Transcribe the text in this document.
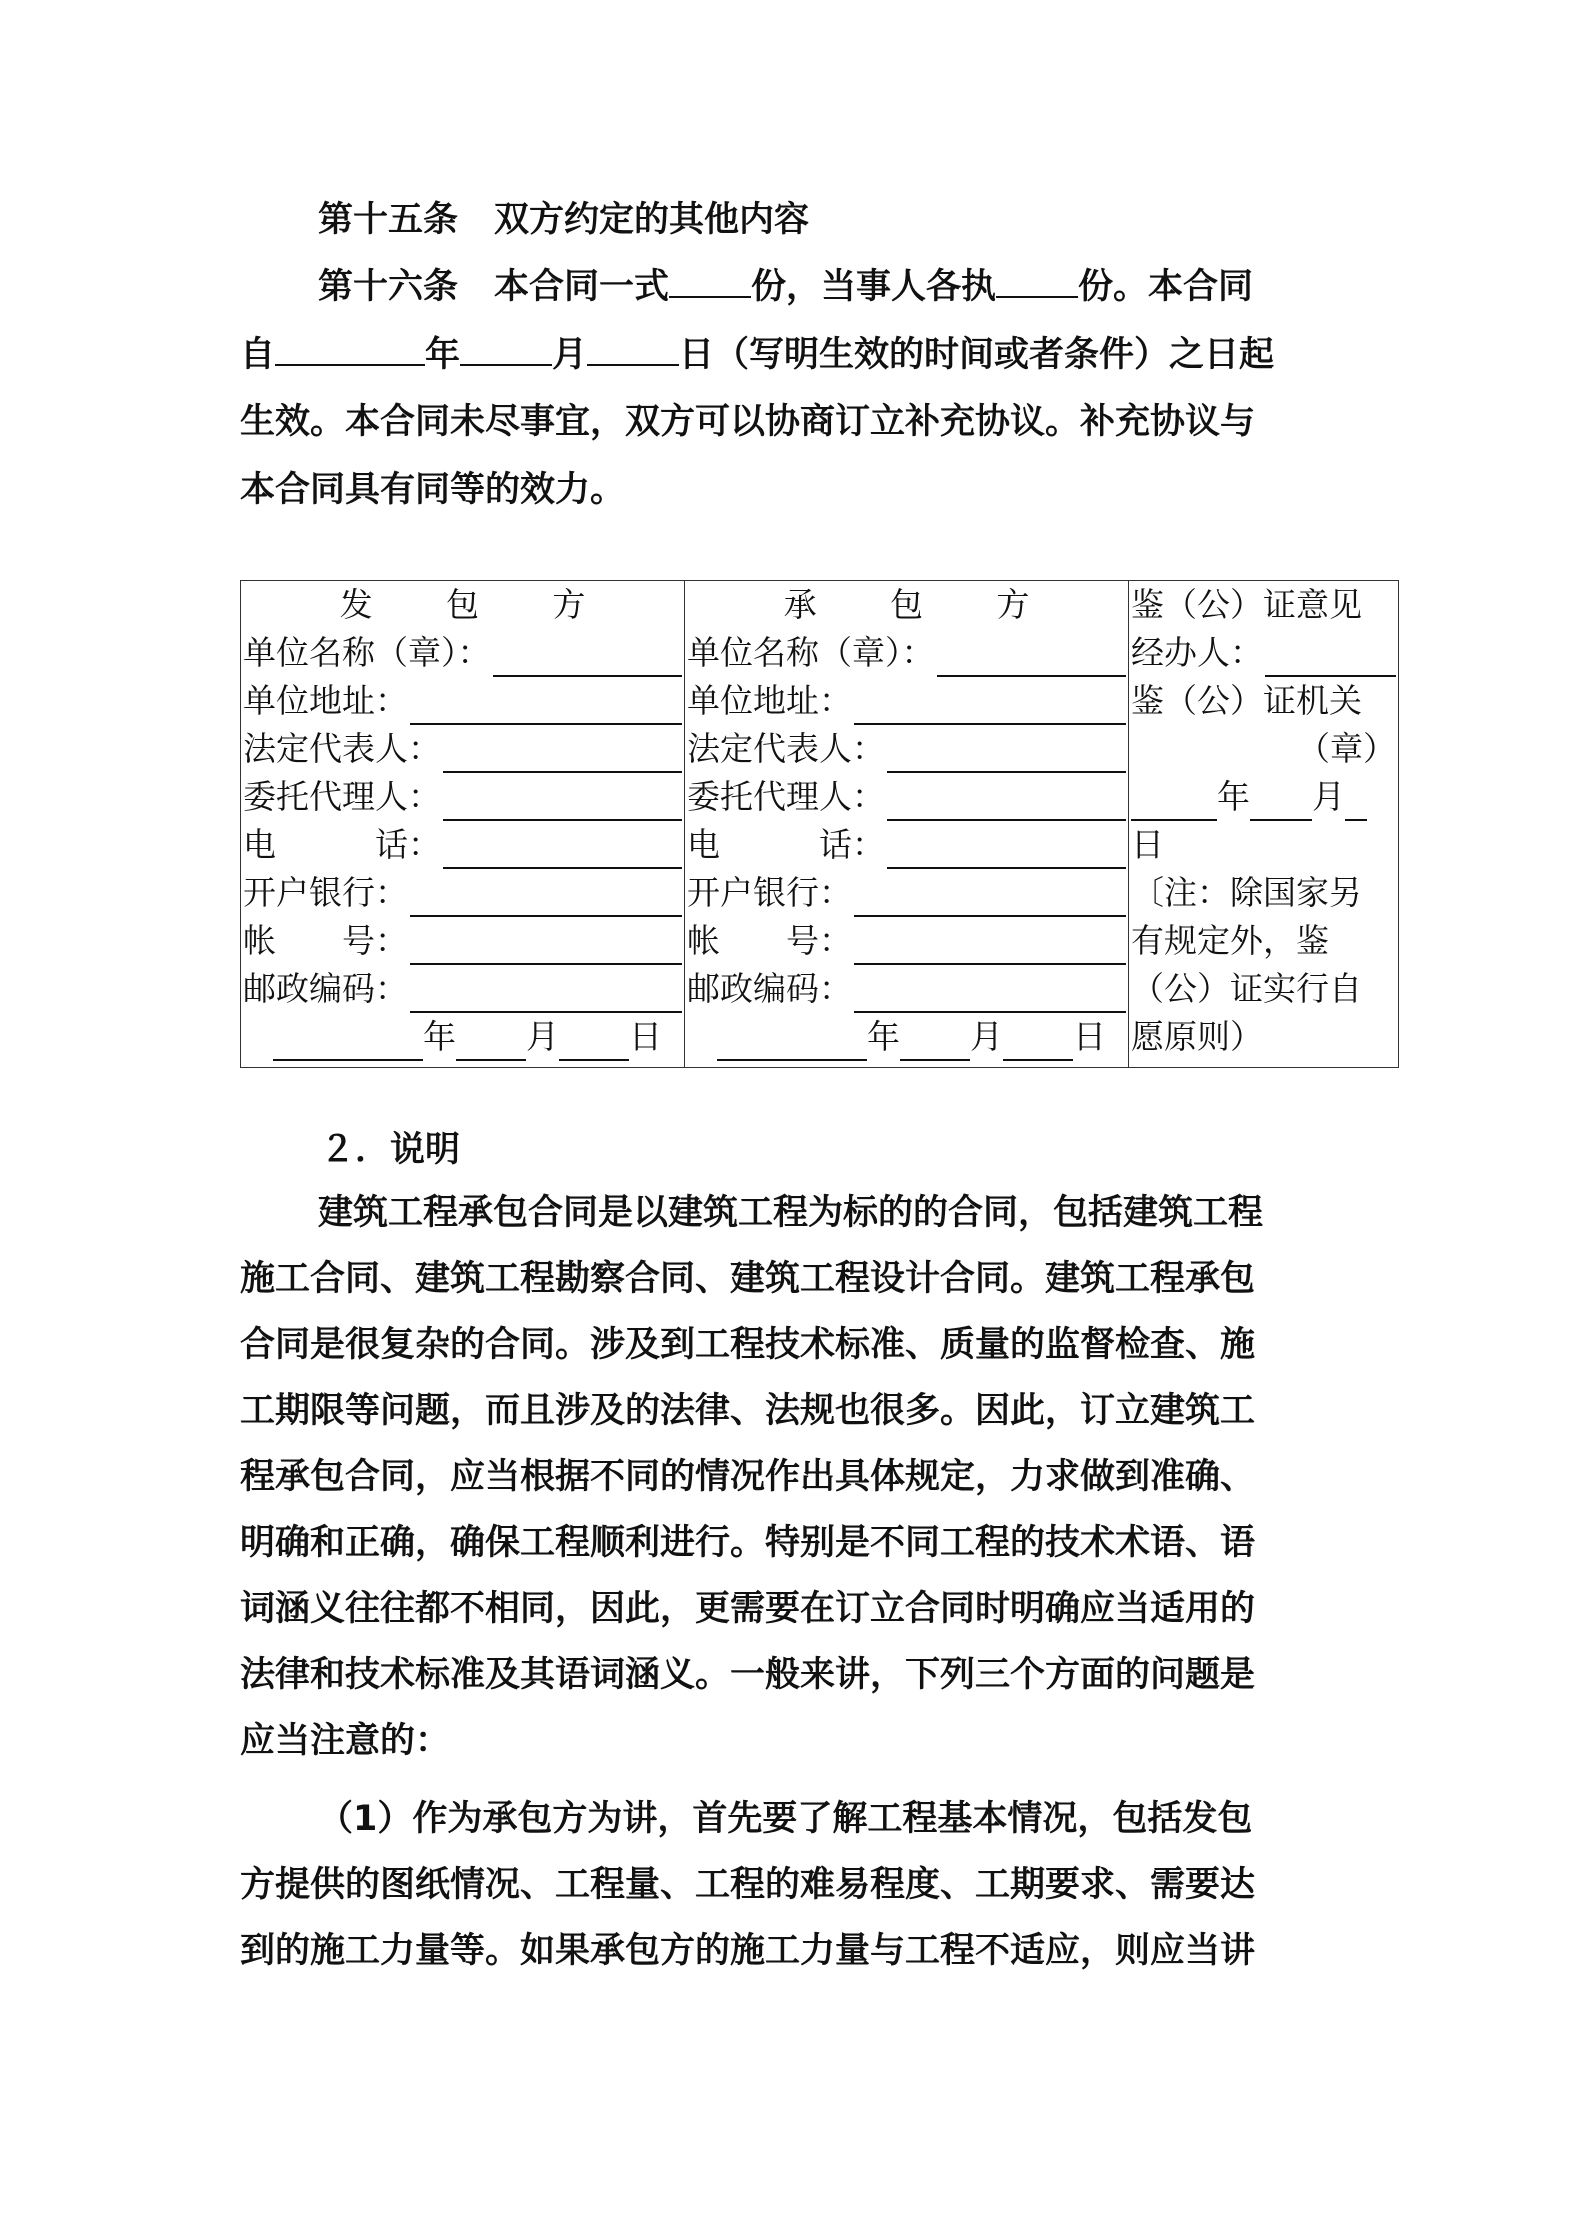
第十五条 双方约定的其他内容
第十六条 本合同一式 份，当事人各执 份。本合同
自	年	月	日（写明生效的时间或者条件）之日起
生效。本合同未尽事宜，双方可以协商订立补充协议。补充协议与
本合同具有同等的效力。
发 包 方
单位名称（章）：
单位地址：
法定代表人：
委托代理人：
电　　　话：
开户银行：
帐　　号：
邮政编码：
年 月 日

承 包 方
单位名称（章）：
单位地址：
法定代表人：
委托代理人：
电　　　话：
开户银行：
帐　　号：
邮政编码：
年 月 日

鉴（公）证意见
经办人：
鉴（公）证机关
（章）
年 月
日
〔注：除国家另
有规定外，鉴
（公）证实行自
愿原则）
２．说明
建筑工程承包合同是以建筑工程为标的的合同，包括建筑工程
施工合同、建筑工程勘察合同、建筑工程设计合同。建筑工程承包
合同是很复杂的合同。涉及到工程技术标准、质量的监督检查、施
工期限等问题，而且涉及的法律、法规也很多。因此，订立建筑工
程承包合同，应当根据不同的情况作出具体规定，力求做到准确、
明确和正确，确保工程顺利进行。特别是不同工程的技术术语、语
词涵义往往都不相同，因此，更需要在订立合同时明确应当适用的
法律和技术标准及其语词涵义。一般来讲，下列三个方面的问题是
应当注意的：
（1）作为承包方为讲，首先要了解工程基本情况，包括发包
方提供的图纸情况、工程量、工程的难易程度、工期要求、需要达
到的施工力量等。如果承包方的施工力量与工程不适应，则应当讲
